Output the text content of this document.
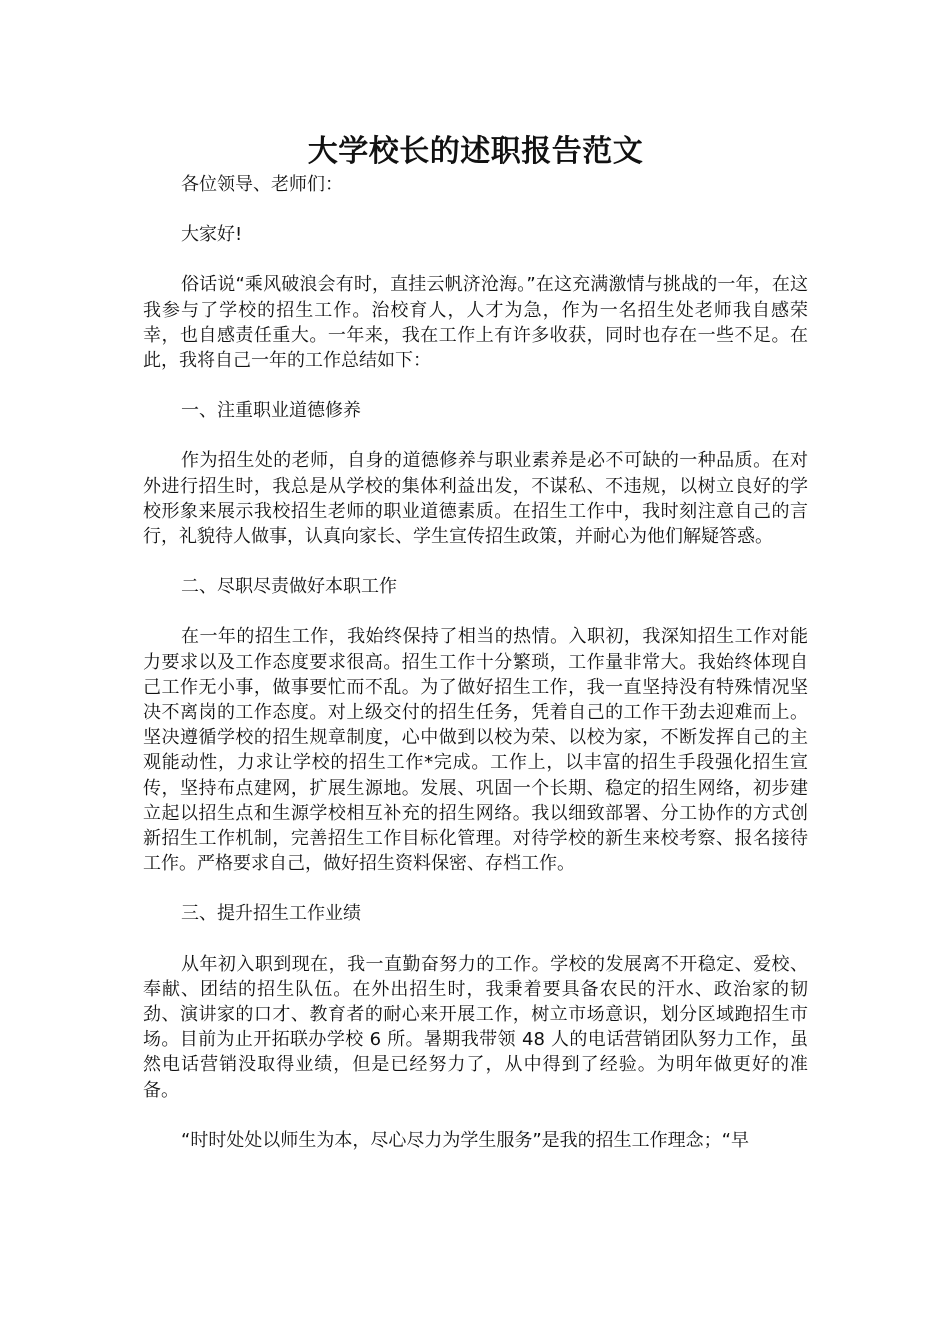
大学校长的述职报告范文

各位领导、老师们：

大家好!

俗话说“乘风破浪会有时，直挂云帆济沧海。”在这充满激情与挑战的一年，在这我参与了学校的招生工作。治校育人，人才为急，作为一名招生处老师我自感荣幸，也自感责任重大。一年来，我在工作上有许多收获，同时也存在一些不足。在此，我将自己一年的工作总结如下：

一、注重职业道德修养

作为招生处的老师，自身的道德修养与职业素养是必不可缺的一种品质。在对外进行招生时，我总是从学校的集体利益出发，不谋私、不违规，以树立良好的学校形象来展示我校招生老师的职业道德素质。在招生工作中，我时刻注意自己的言行，礼貌待人做事，认真向家长、学生宣传招生政策，并耐心为他们解疑答惑。

二、尽职尽责做好本职工作

在一年的招生工作，我始终保持了相当的热情。入职初，我深知招生工作对能力要求以及工作态度要求很高。招生工作十分繁琐，工作量非常大。我始终体现自己工作无小事，做事要忙而不乱。为了做好招生工作，我一直坚持没有特殊情况坚决不离岗的工作态度。对上级交付的招生任务，凭着自己的工作干劲去迎难而上。坚决遵循学校的招生规章制度，心中做到以校为荣、以校为家，不断发挥自己的主观能动性，力求让学校的招生工作*完成。工作上，以丰富的招生手段强化招生宣传，坚持布点建网，扩展生源地。发展、巩固一个长期、稳定的招生网络，初步建立起以招生点和生源学校相互补充的招生网络。我以细致部署、分工协作的方式创新招生工作机制，完善招生工作目标化管理。对待学校的新生来校考察、报名接待工作。严格要求自己，做好招生资料保密、存档工作。

三、提升招生工作业绩

从年初入职到现在，我一直勤奋努力的工作。学校的发展离不开稳定、爱校、奉献、团结的招生队伍。在外出招生时，我秉着要具备农民的汗水、政治家的韧劲、演讲家的口才、教育者的耐心来开展工作，树立市场意识，划分区域跑招生市场。目前为止开拓联办学校 6 所。暑期我带领 48 人的电话营销团队努力工作，虽然电话营销没取得业绩，但是已经努力了，从中得到了经验。为明年做更好的准备。

“时时处处以师生为本，尽心尽力为学生服务”是我的招生工作理念；“早
